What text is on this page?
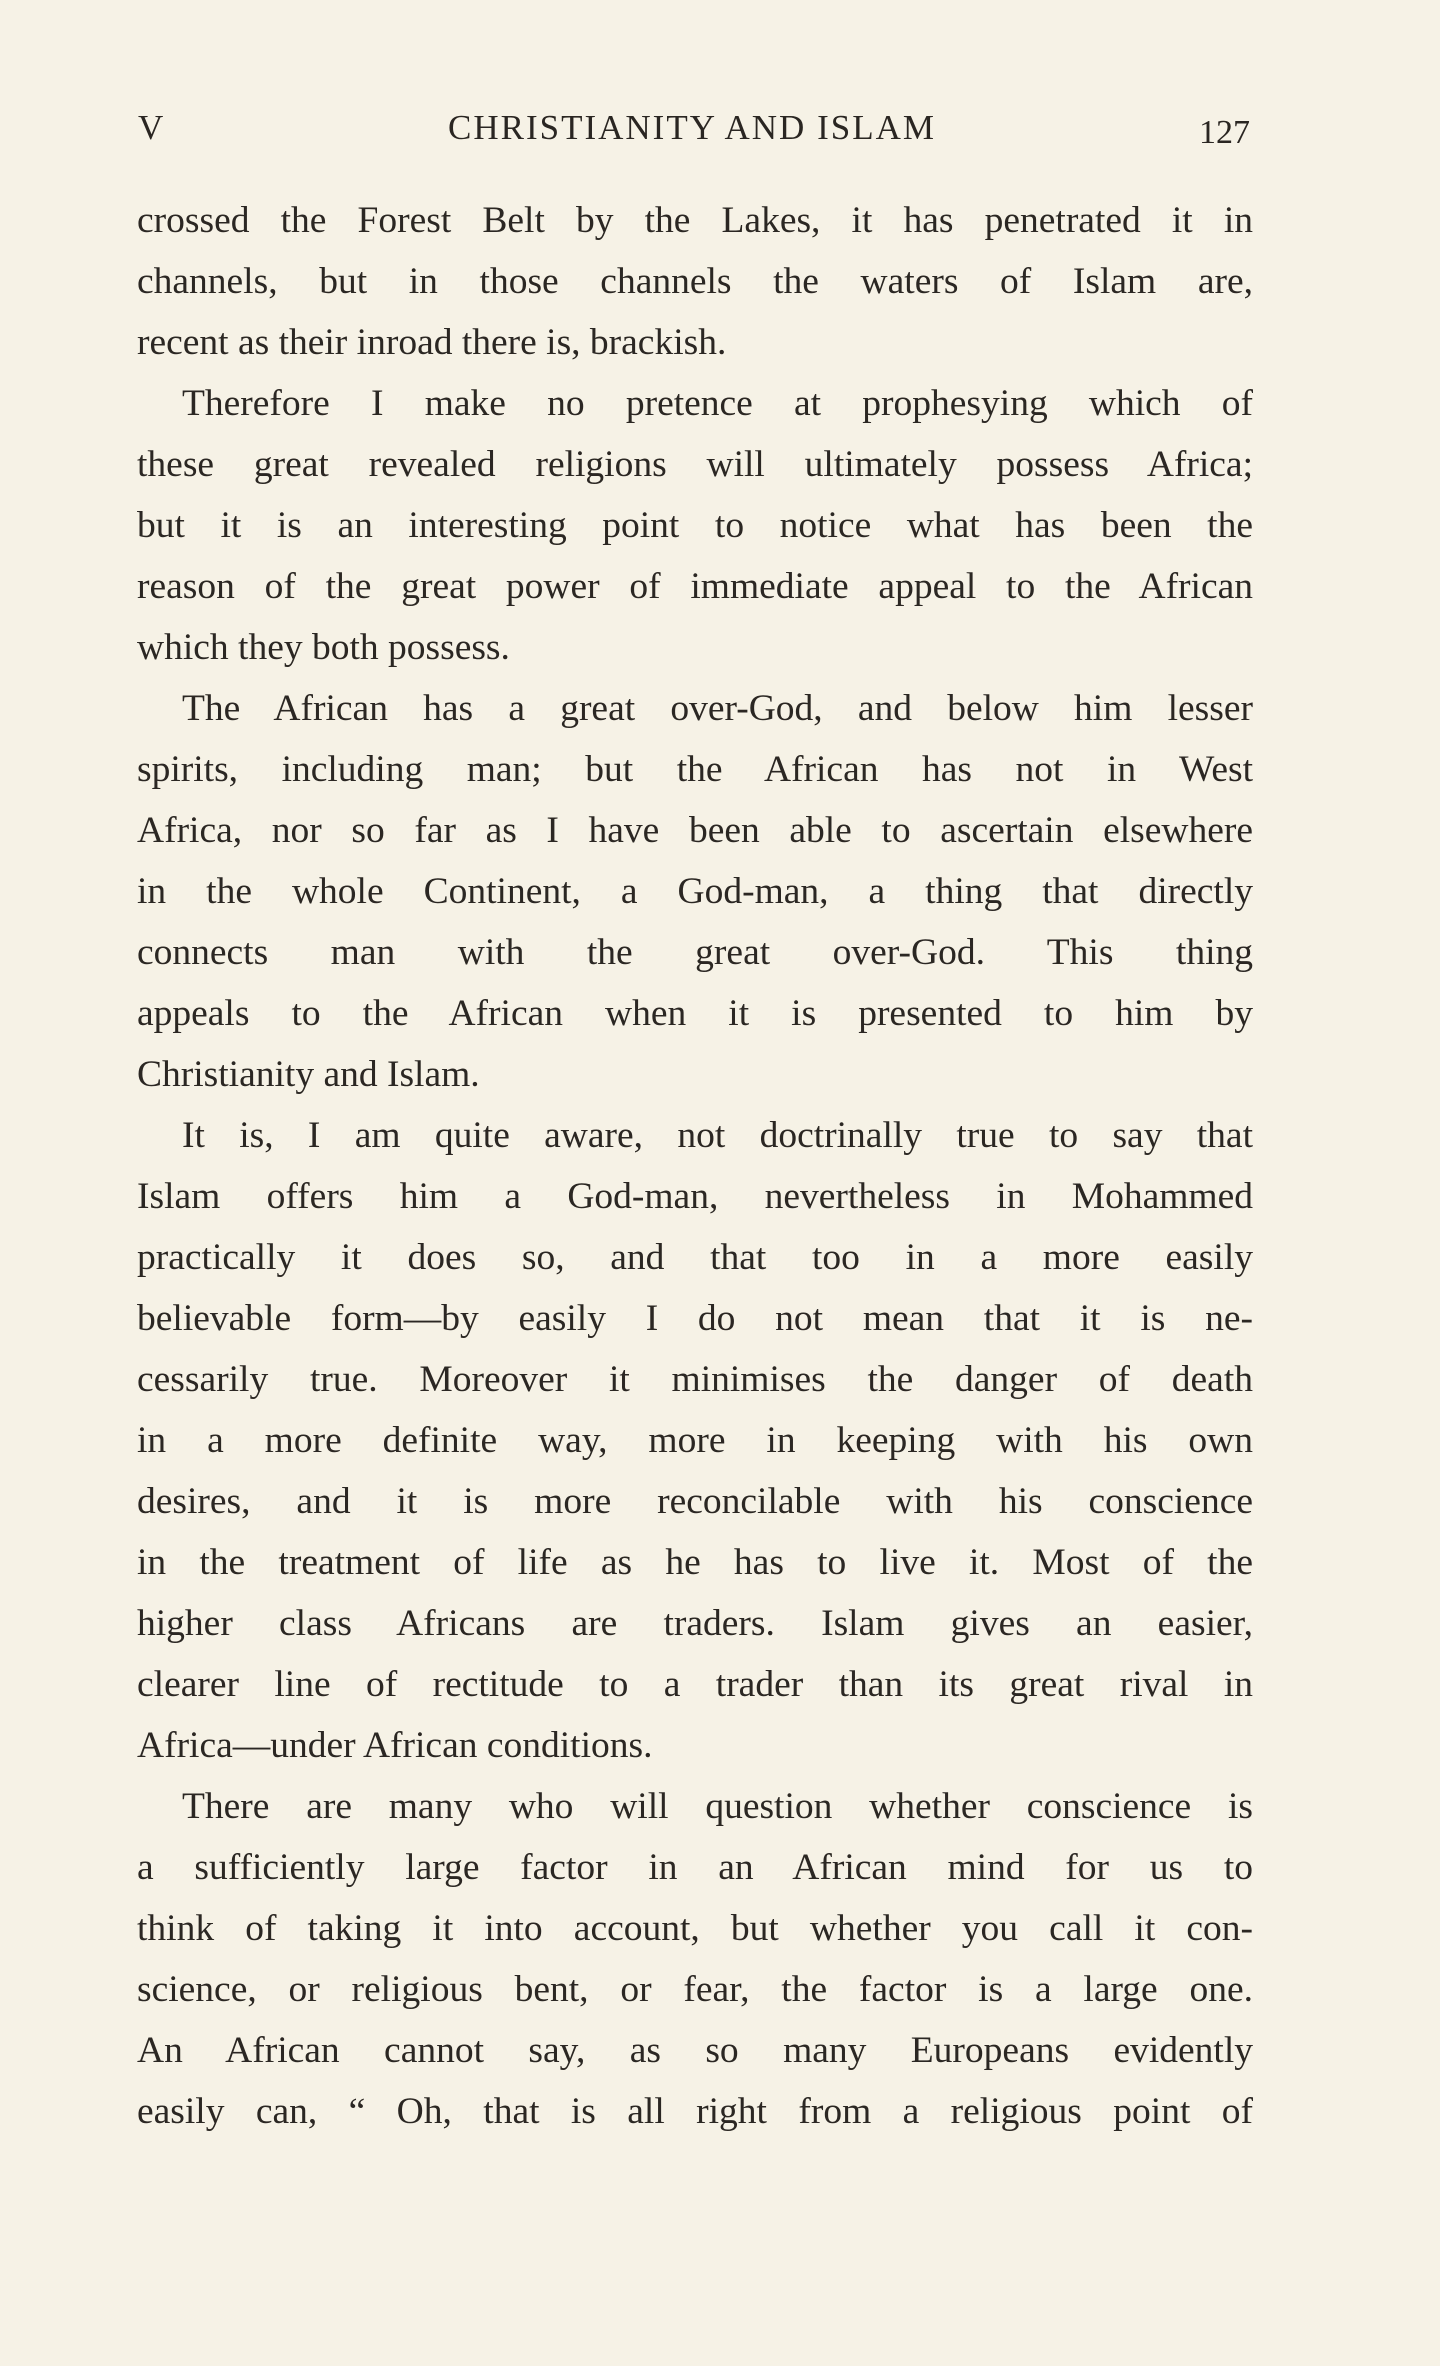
V	CHRISTIANITY AND ISLAM	127
crossed the Forest Belt by the Lakes, it has penetrated it in
channels, but in those channels the waters of Islam are,
recent as their inroad there is, brackish.
Therefore I make no pretence at prophesying which of
these great revealed religions will ultimately possess Africa;
but it is an interesting point to notice what has been the
reason of the great power of immediate appeal to the African
which they both possess.
The African has a great over-God, and below him lesser
spirits, including man; but the African has not in West
Africa, nor so far as I have been able to ascertain elsewhere
in the whole Continent, a God-man, a thing that directly
connects man with the great over-God. This thing
appeals to the African when it is presented to him by
Christianity and Islam.
It is, I am quite aware, not doctrinally true to say that
Islam offers him a God-man, nevertheless in Mohammed
practically it does so, and that too in a more easily
believable form—by easily I do not mean that it is ne-
cessarily true. Moreover it minimises the danger of death
in a more definite way, more in keeping with his own
desires, and it is more reconcilable with his conscience
in the treatment of life as he has to live it. Most of the
higher class Africans are traders. Islam gives an easier,
clearer line of rectitude to a trader than its great rival in
Africa—under African conditions.
There are many who will question whether conscience is
a sufficiently large factor in an African mind for us to
think of taking it into account, but whether you call it con-
science, or religious bent, or fear, the factor is a large one.
An African cannot say, as so many Europeans evidently
easily can, “ Oh, that is all right from a religious point of
